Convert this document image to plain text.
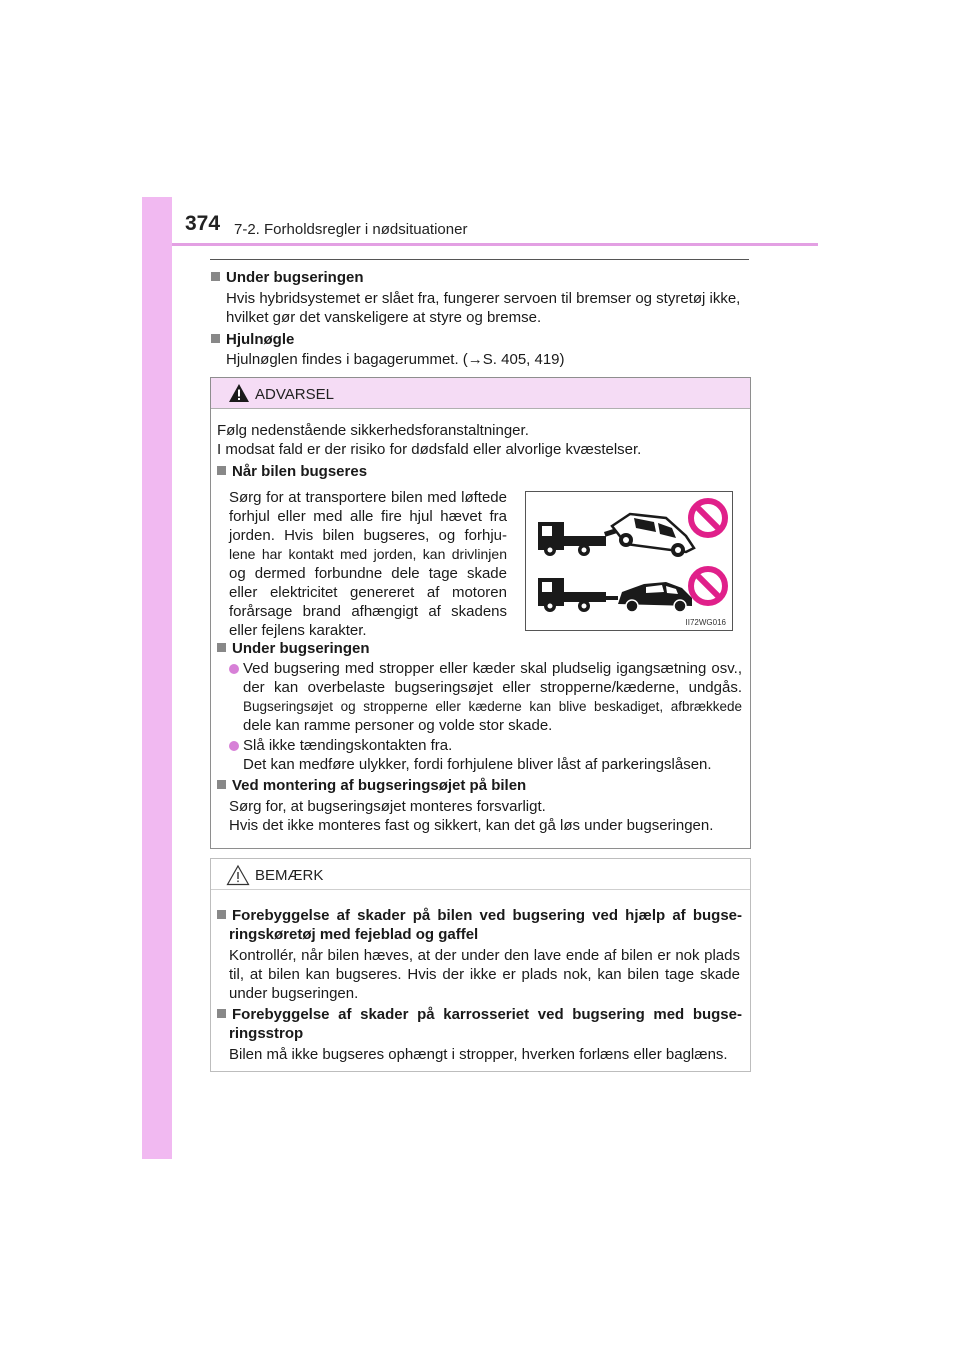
374 7-2. Forholdsregler i nødsituationer
Under bugseringen
Hvis hybridsystemet er slået fra, fungerer servoen til bremser og styretøj ikke,
hvilket gør det vanskeligere at styre og bremse.
Hjulnøgle
Hjulnøglen findes i bagagerummet. (→S. 405, 419)
ADVARSEL
Følg nedenstående sikkerhedsforanstaltninger.
I modsat fald er der risiko for dødsfald eller alvorlige kvæstelser.
Når bilen bugseres
Sørg for at transportere bilen med løftede
forhjul eller med alle fire hjul hævet fra
jorden. Hvis bilen bugseres, og forhju-
lene har kontakt med jorden, kan drivlinjen
og dermed forbundne dele tage skade
eller elektricitet genereret af motoren
forårsage brand afhængigt af skadens
eller fejlens karakter.	II72WG016
Under bugseringen
Ved bugsering med stropper eller kæder skal pludselig igangsætning osv.,
der kan overbelaste bugseringsøjet eller stropperne/kæderne, undgås.
Bugseringsøjet og stropperne eller kæderne kan blive beskadiget, afbrækkede
dele kan ramme personer og volde stor skade.
Slå ikke tændingskontakten fra.
Det kan medføre ulykker, fordi forhjulene bliver låst af parkeringslåsen.
Ved montering af bugseringsøjet på bilen
Sørg for, at bugseringsøjet monteres forsvarligt.
Hvis det ikke monteres fast og sikkert, kan det gå løs under bugseringen.
BEMÆRK
Forebyggelse af skader på bilen ved bugsering ved hjælp af bugse-
ringskøretøj med fejeblad og gaffel
Kontrollér, når bilen hæves, at der under den lave ende af bilen er nok plads
til, at bilen kan bugseres. Hvis der ikke er plads nok, kan bilen tage skade
under bugseringen.
Forebyggelse af skader på karrosseriet ved bugsering med bugse-
ringsstrop
Bilen må ikke bugseres ophængt i stropper, hverken forlæns eller baglæns.
